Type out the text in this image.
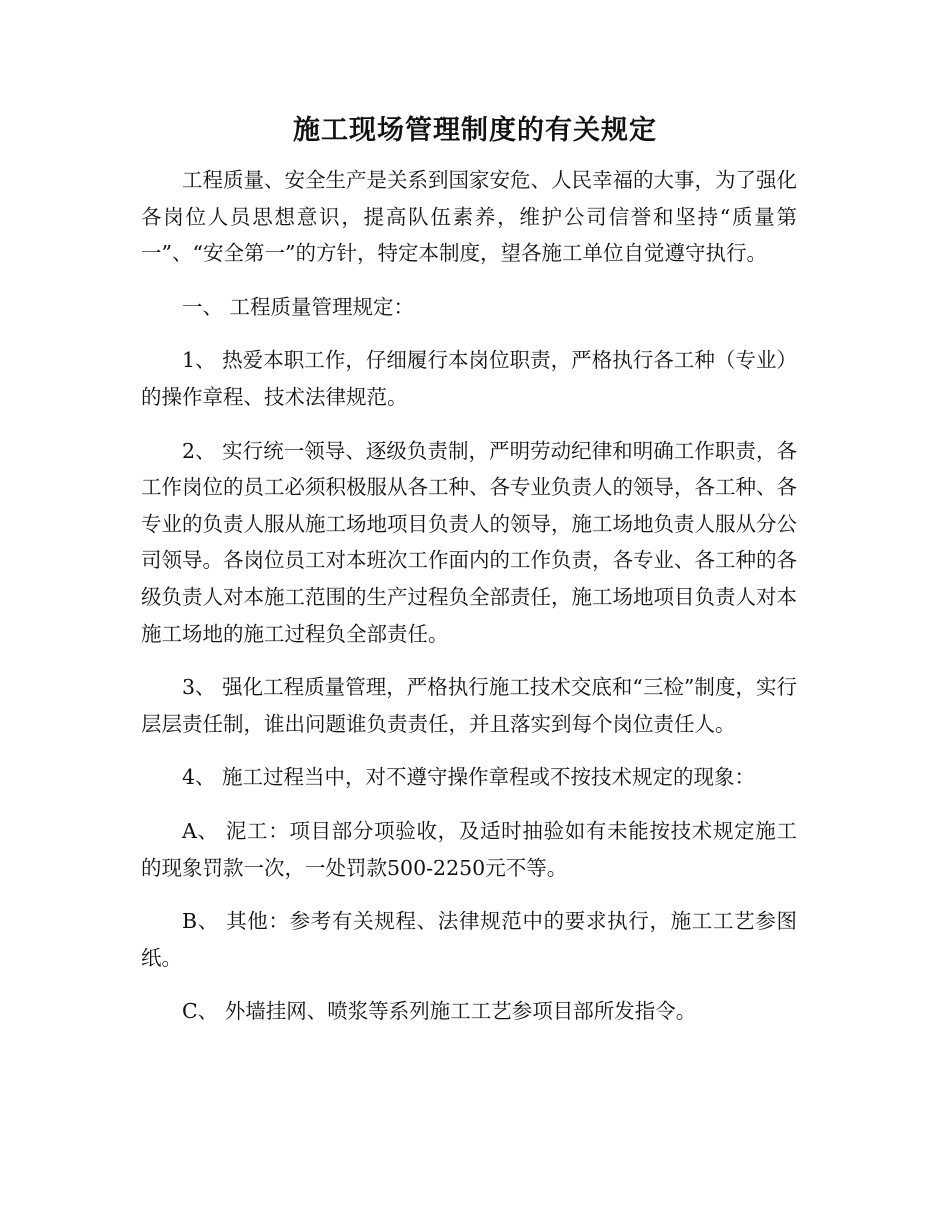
施工现场管理制度的有关规定

工程质量、安全生产是关系到国家安危、人民幸福的大事，为了强化各岗位人员思想意识，提高队伍素养，维护公司信誉和坚持“质量第一”、“安全第一”的方针，特定本制度，望各施工单位自觉遵守执行。

一、 工程质量管理规定：

1、 热爱本职工作，仔细履行本岗位职责，严格执行各工种（专业）的操作章程、技术法律规范。

2、 实行统一领导、逐级负责制，严明劳动纪律和明确工作职责，各工作岗位的员工必须积极服从各工种、各专业负责人的领导，各工种、各专业的负责人服从施工场地项目负责人的领导，施工场地负责人服从分公司领导。各岗位员工对本班次工作面内的工作负责，各专业、各工种的各级负责人对本施工范围的生产过程负全部责任，施工场地项目负责人对本施工场地的施工过程负全部责任。

3、 强化工程质量管理，严格执行施工技术交底和“三检”制度，实行层层责任制，谁出问题谁负责责任，并且落实到每个岗位责任人。

4、 施工过程当中，对不遵守操作章程或不按技术规定的现象：

A、 泥工：项目部分项验收，及适时抽验如有未能按技术规定施工的现象罚款一次，一处罚款500-2250元不等。

B、 其他：参考有关规程、法律规范中的要求执行，施工工艺参图纸。

C、 外墙挂网、喷浆等系列施工工艺参项目部所发指令。
